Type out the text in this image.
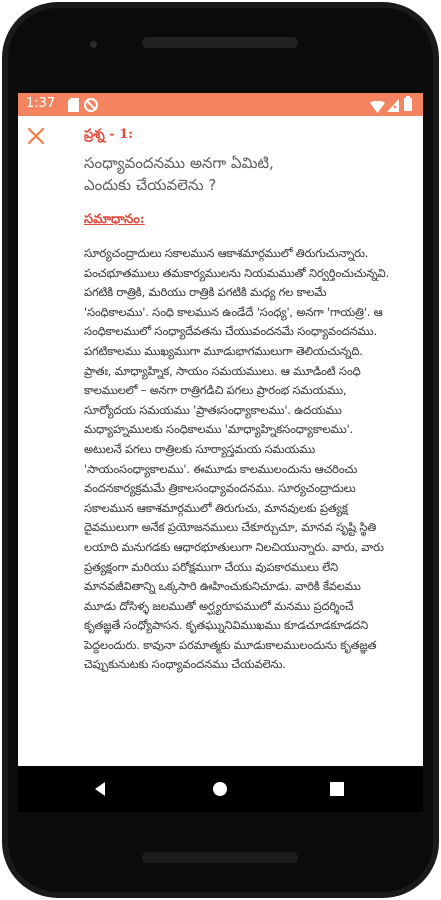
1:37
ప్రశ్న - 1:
సంధ్యావందనము అనగా ఏమిటి, ఎందుకు చేయవలెను ?
సమాధానం:
సూర్యచంద్రాదులు సకాలమున ఆకాశమార్గములో తిరుగుచున్నారు. పంచభూతములు తమకార్యములను నియమముతో నిర్వర్తించుచున్నవి. పగటికి రాత్రికి, మరియు రాత్రికి పగటికి మధ్య గల కాలమే 'సంధికాలము'. సంధి కాలమున ఉండేదే 'సంధ్య', అనగా 'గాయత్రి'. ఆ సంధికాలములో సంధ్యాదేవతను చేయువందనమే సంధ్యావందనము. పగటికాలము ముఖ్యముగా మూడుభాగములుగా తెలియచున్నది. ప్రాతః, మాధ్యాహ్నిక, సాయం సమయములు. ఆ మూడింటి సంధి కాలములలో – అనగా రాత్రిగడిచి పగలు ప్రారంభ సమయము, సూర్యోదయ సమయము 'ప్రాతఃసంధ్యాకాలము'. ఉదయము మధ్యాహ్నములకు సంధికాలము 'మాధ్యాహ్నికసంధ్యాకాలము'. అటులనే పగలు రాత్రిలకు సూర్యాస్తమయ సమయము 'సాయంసంధ్యాకాలము'. ఈమూడు కాలములందును ఆచరించు వందనకార్యక్రమమే త్రికాలసంధ్యావందనము. సూర్యచంద్రాదులు సకాలమున ఆకాశమార్గములో తిరుగుచు, మానవులకు ప్రత్యక్ష దైవములుగా అనేక ప్రయోజనములు చేకూర్చుచూ, మానవ సృష్టి స్థితి లయాది మనుగడకు ఆధారభూతులుగా నిలచియున్నారు. వారు, వారు ప్రత్యక్షంగా మరియు పరోక్షముగా చేయు వుపకారములు లేని మానవజీవితాన్ని ఒక్కసారి ఊహించుకునిచూడు. వారికి కేవలము మూడు దోసిళ్ళ జలముతో అర్ఘ్యరూపములో మనము ప్రదర్శించే కృతజ్ఞతే సంధ్యోపాసన. కృతఘ్నునివిముఖము కూడచూడకూడదని పెద్దలందురు. కావునా పరమాత్మకు మూడుకాలములందును కృతజ్ఞత చెప్పుకునుటకు సంధ్యావందనము చేయవలెను.
